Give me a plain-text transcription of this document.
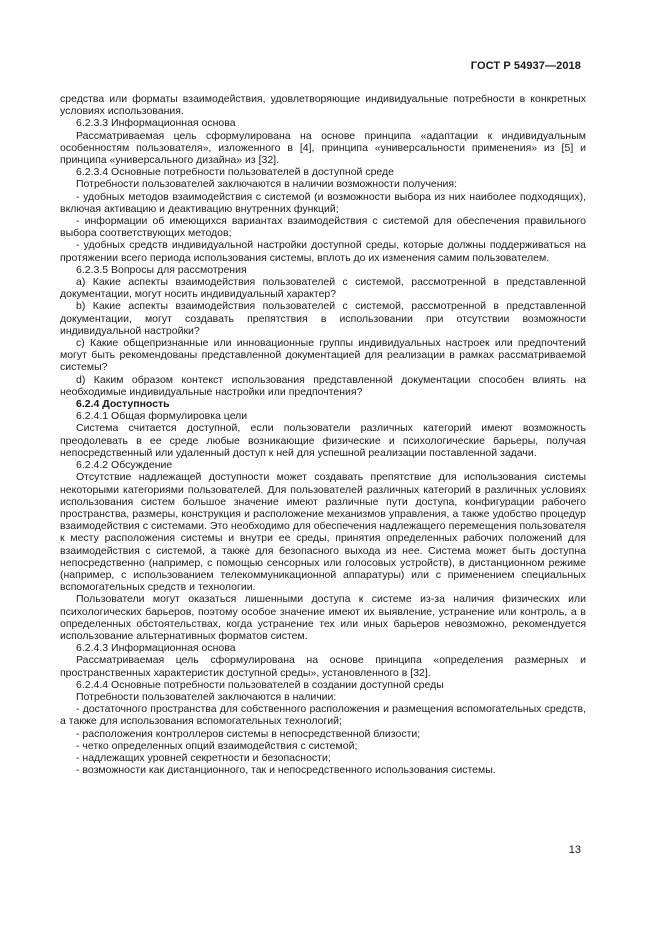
ГОСТ Р 54937—2018

средства или форматы взаимодействия, удовлетворяющие индивидуальные потребности в конкретных условиях использования.

6.2.3.3 Информационная основа

Рассматриваемая цель сформулирована на основе принципа «адаптации к индивидуальным особенностям пользователя», изложенного в [4], принципа «универсальности применения» из [5] и принципа «универсального дизайна» из [32].

6.2.3.4 Основные потребности пользователей в доступной среде

Потребности пользователей заключаются в наличии возможности получения:

- удобных методов взаимодействия с системой (и возможности выбора из них наиболее подходящих), включая активацию и деактивацию внутренних функций;

- информации об имеющихся вариантах взаимодействия с системой для обеспечения правильного выбора соответствующих методов;

- удобных средств индивидуальной настройки доступной среды, которые должны поддерживаться на протяжении всего периода использования системы, вплоть до их изменения самим пользователем.

6.2.3.5 Вопросы для рассмотрения

a) Какие аспекты взаимодействия пользователей с системой, рассмотренной в представленной документации, могут носить индивидуальный характер?

b) Какие аспекты взаимодействия пользователей с системой, рассмотренной в представленной документации, могут создавать препятствия в использовании при отсутствии возможности индивидуальной настройки?

c) Какие общепризнанные или инновационные группы индивидуальных настроек или предпочтений могут быть рекомендованы представленной документацией для реализации в рамках рассматриваемой системы?

d) Каким образом контекст использования представленной документации способен влиять на необходимые индивидуальные настройки или предпочтения?

6.2.4 Доступность

6.2.4.1 Общая формулировка цели

Система считается доступной, если пользователи различных категорий имеют возможность преодолевать в ее среде любые возникающие физические и психологические барьеры, получая непосредственный или удаленный доступ к ней для успешной реализации поставленной задачи.

6.2.4.2 Обсуждение

Отсутствие надлежащей доступности может создавать препятствие для использования системы некоторыми категориями пользователей. Для пользователей различных категорий в различных условиях использования систем большое значение имеют различные пути доступа, конфигурации рабочего пространства, размеры, конструкция и расположение механизмов управления, а также удобство процедур взаимодействия с системами. Это необходимо для обеспечения надлежащего перемещения пользователя к месту расположения системы и внутри ее среды, принятия определенных рабочих положений для взаимодействия с системой, а также для безопасного выхода из нее. Система может быть доступна непосредственно (например, с помощью сенсорных или голосовых устройств), в дистанционном режиме (например, с использованием телекоммуникационной аппаратуры) или с применением специальных вспомогательных средств и технологии.

Пользователи могут оказаться лишенными доступа к системе из-за наличия физических или психологических барьеров, поэтому особое значение имеют их выявление, устранение или контроль, а в определенных обстоятельствах, когда устранение тех или иных барьеров невозможно, рекомендуется использование альтернативных форматов систем.

6.2.4.3 Информационная основа

Рассматриваемая цель сформулирована на основе принципа «определения размерных и пространственных характеристик доступной среды», установленного в [32].

6.2.4.4 Основные потребности пользователей в создании доступной среды

Потребности пользователей заключаются в наличии:

- достаточного пространства для собственного расположения и размещения вспомогательных средств, а также для использования вспомогательных технологий;

- расположения контроллеров системы в непосредственной близости;

- четко определенных опций взаимодействия с системой;

- надлежащих уровней секретности и безопасности;

- возможности как дистанционного, так и непосредственного использования системы.

13
